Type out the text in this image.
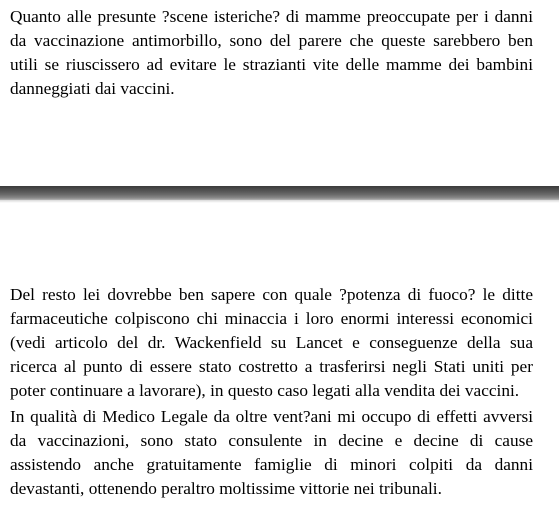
Quanto alle presunte ?scene isteriche? di mamme preoccupate per i danni da vaccinazione antimorbillo, sono del parere che queste sarebbero ben utili se riuscissero ad evitare le strazianti vite delle mamme dei bambini danneggiati dai vaccini.

Del resto lei dovrebbe ben sapere con quale ?potenza di fuoco? le ditte farmaceutiche colpiscono chi minaccia i loro enormi interessi economici (vedi articolo del dr. Wackenfield su Lancet e conseguenze della sua ricerca al punto di essere stato costretto a trasferirsi negli Stati uniti per poter continuare a lavorare), in questo caso legati alla vendita dei vaccini.

In qualità di Medico Legale da oltre vent?ani mi occupo di effetti avversi da vaccinazioni, sono stato consulente in decine e decine di cause assistendo anche gratuitamente famiglie di minori colpiti da danni devastanti, ottenendo peraltro moltissime vittorie nei tribunali.
